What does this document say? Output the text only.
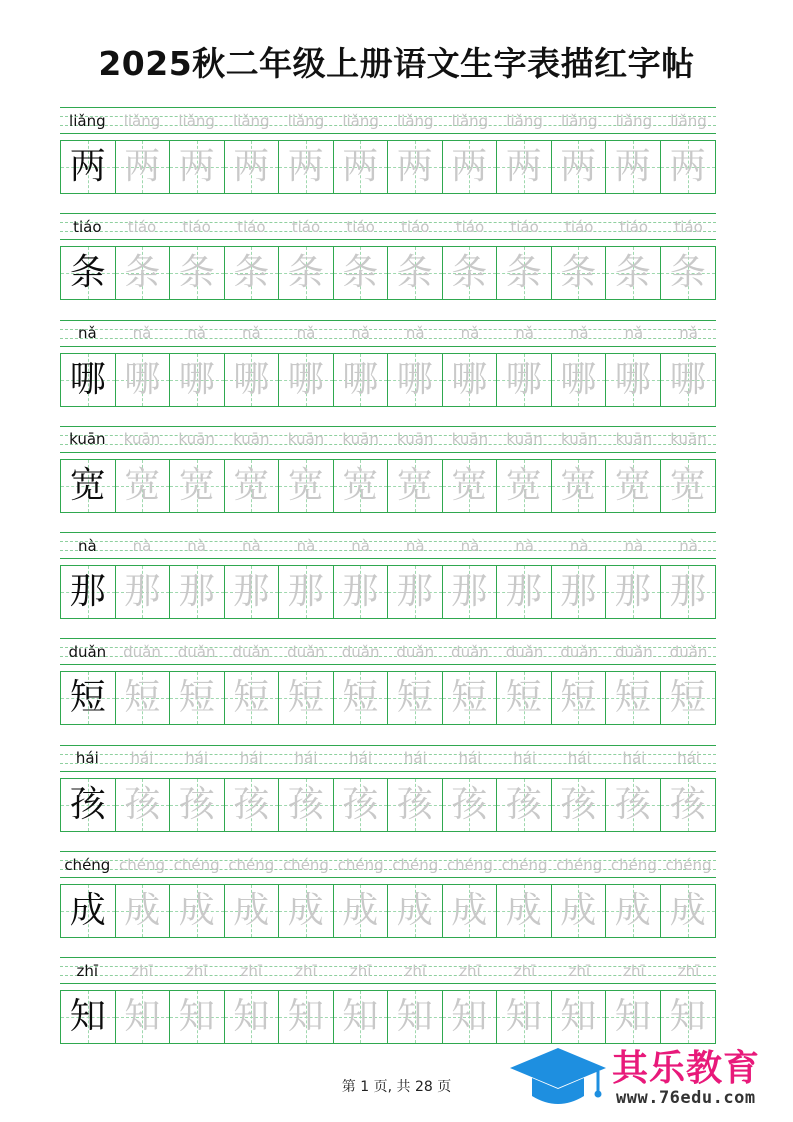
2025秋二年级上册语文生字表描红字帖
liǎng	liǎng	liǎng	liǎng	liǎng	liǎng	liǎng	liǎng	liǎng	liǎng	liǎng	liǎng
两 两 两 两 两 两 两 两 两 两 两 两
tiáo	tiáo	tiáo	tiáo	tiáo	tiáo	tiáo	tiáo	tiáo	tiáo	tiáo	tiáo
条 条 条 条 条 条 条 条 条 条 条 条
nǎ	nǎ	nǎ	nǎ	nǎ	nǎ	nǎ	nǎ	nǎ	nǎ	nǎ	nǎ
哪 哪 哪 哪 哪 哪 哪 哪 哪 哪 哪 哪
kuān	kuān	kuān	kuān	kuān	kuān	kuān	kuān	kuān	kuān	kuān	kuān
宽 宽 宽 宽 宽 宽 宽 宽 宽 宽 宽 宽
nà	nà	nà	nà	nà	nà	nà	nà	nà	nà	nà	nà
那 那 那 那 那 那 那 那 那 那 那 那
duǎn	duǎn	duǎn	duǎn	duǎn	duǎn	duǎn	duǎn	duǎn	duǎn	duǎn	duǎn
短 短 短 短 短 短 短 短 短 短 短 短
hái	hái	hái	hái	hái	hái	hái	hái	hái	hái	hái	hái
孩 孩 孩 孩 孩 孩 孩 孩 孩 孩 孩 孩
chéng chéng chéng chéng chéng chéng chéng chéng chéng chéng chéng chéng
成 成 成 成 成 成 成 成 成 成 成 成
zhī	zhī	zhī	zhī	zhī	zhī	zhī	zhī	zhī	zhī	zhī	zhī
知 知 知 知 知 知 知 知 知 知 知 知
第 1 页, 共 28 页	其乐教育
www.76edu.com
